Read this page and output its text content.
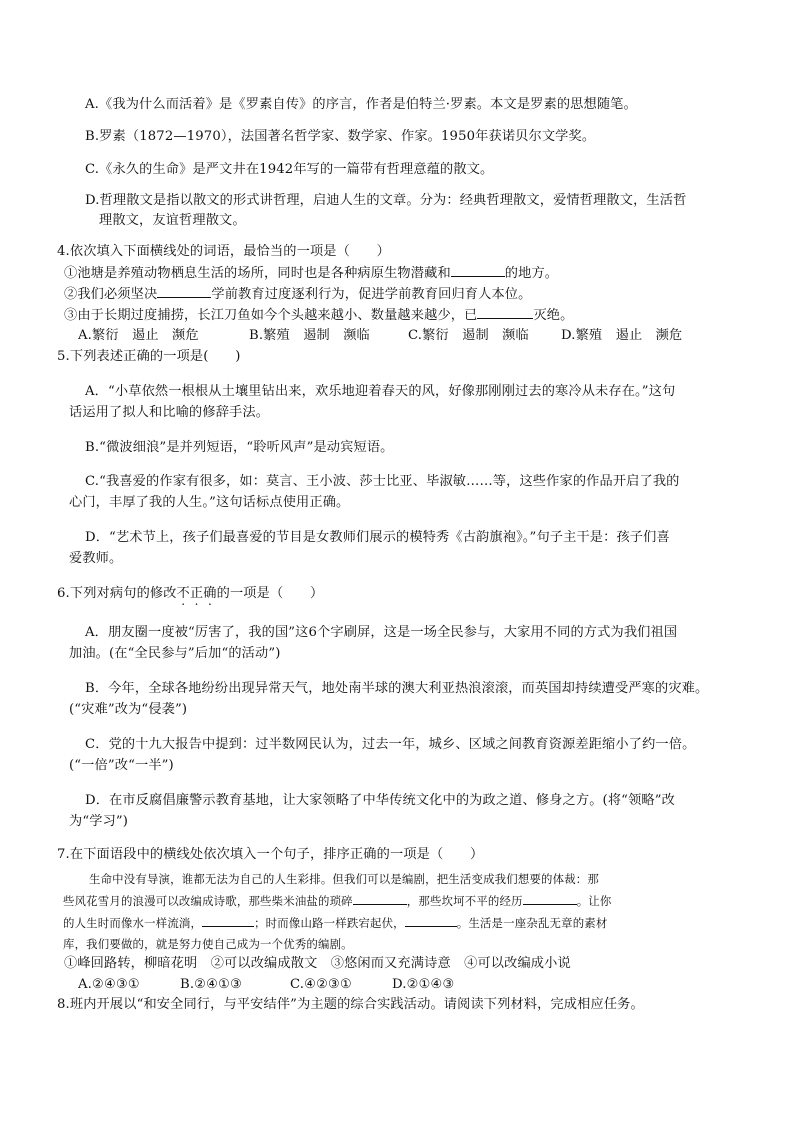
A.《我为什么而活着》是《罗素自传》的序言，作者是伯特兰·罗素。本文是罗素的思想随笔。
B.罗素（1872—1970），法国著名哲学家、数学家、作家。1950年获诺贝尔文学奖。
C.《永久的生命》是严文井在1942年写的一篇带有哲理意蕴的散文。
D.哲理散文是指以散文的形式讲哲理，启迪人生的文章。分为：经典哲理散文，爱情哲理散文，生活哲
理散文，友谊哲理散文。
4.依次填入下面横线处的词语，最恰当的一项是（　　）
①池塘是养殖动物栖息生活的场所，同时也是各种病原生物潜藏和	的地方。
②我们必须坚决	学前教育过度逐利行为，促进学前教育回归育人本位。
③由于长期过度捕捞，长江刀鱼如今个头越来越小、数量越来越少，已	灭绝。
A.繁衍　遏止　濒危	B.繁殖　遏制　濒临	C.繁衍　遏制　濒临 D.繁殖　遏止　濒危
5.下列表述正确的一项是(　　)
A．“小草依然一根根从土壤里钻出来，欢乐地迎着春天的风，好像那刚刚过去的寒冷从未存在。”这句
话运用了拟人和比喻的修辞手法。
B.“微波细浪”是并列短语，“聆听风声”是动宾短语。
C.“我喜爱的作家有很多，如：莫言、王小波、莎士比亚、毕淑敏……等，这些作家的作品开启了我的
心门，丰厚了我的人生。”这句话标点使用正确。
D．“艺术节上，孩子们最喜爱的节目是女教师们展示的模特秀《古韵旗袍》。”句子主干是：孩子们喜
爱教师。
6.下列对病句的修改不正确的一项是（　　）
A．朋友圈一度被“厉害了，我的国”这6个字刷屏，这是一场全民参与，大家用不同的方式为我们祖国
加油。(在“全民参与”后加“的活动”)
B．今年，全球各地纷纷出现异常天气，地处南半球的澳大利亚热浪滚滚，而英国却持续遭受严寒的灾难。
(“灾难”改为“侵袭”)
C．党的十九大报告中提到：过半数网民认为，过去一年，城乡、区域之间教育资源差距缩小了约一倍。
(“一倍”改“一半”)
D．在市反腐倡廉警示教育基地，让大家领略了中华传统文化中的为政之道、修身之方。(将“领略”改
为“学习”)
7.在下面语段中的横线处依次填入一个句子，排序正确的一项是（　　）
生命中没有导演，谁都无法为自己的人生彩排。但我们可以是编剧，把生活变成我们想要的体裁：那
些风花雪月的浪漫可以改编成诗歌，那些柴米油盐的琐碎	，那些坎坷不平的经历	。让你
的人生时而像水一样流淌，	；时而像山路一样跌宕起伏，	。生活是一座杂乱无章的素材
库，我们要做的，就是努力使自己成为一个优秀的编剧。
①峰回路转，柳暗花明　②可以改编成散文　③悠闲而又充满诗意　④可以改编成小说
A.②④③①	B.②④①③	C.④②③①	D.②①④③
8.班内开展以“和安全同行，与平安结伴”为主题的综合实践活动。请阅读下列材料，完成相应任务。
